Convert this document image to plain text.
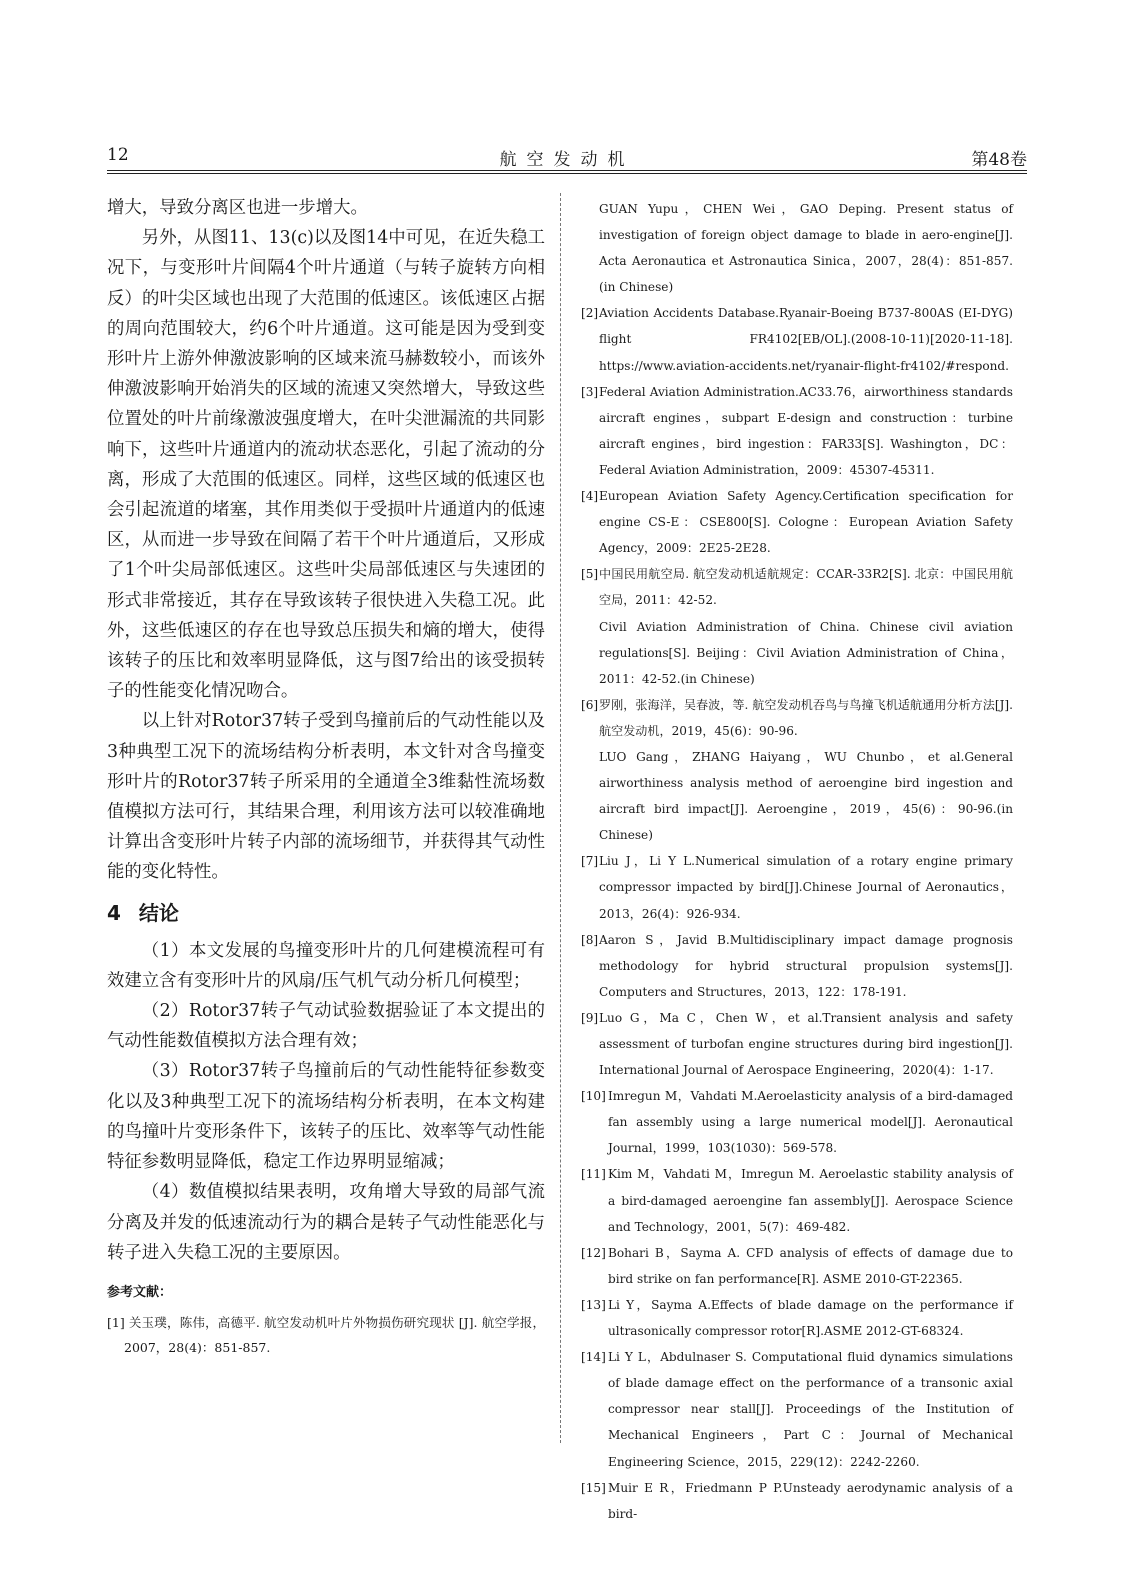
12	航空发动机	第48卷

增大，导致分离区也进一步增大。

另外，从图11、13(c)以及图14中可见，在近失稳工况下，与变形叶片间隔4个叶片通道（与转子旋转方向相反）的叶尖区域也出现了大范围的低速区。该低速区占据的周向范围较大，约6个叶片通道。这可能是因为受到变形叶片上游外伸激波影响的区域来流马赫数较小，而该外伸激波影响开始消失的区域的流速又突然增大，导致这些位置处的叶片前缘激波强度增大，在叶尖泄漏流的共同影响下，这些叶片通道内的流动状态恶化，引起了流动的分离，形成了大范围的低速区。同样，这些区域的低速区也会引起流道的堵塞，其作用类似于受损叶片通道内的低速区，从而进一步导致在间隔了若干个叶片通道后，又形成了1个叶尖局部低速区。这些叶尖局部低速区与失速团的形式非常接近，其存在导致该转子很快进入失稳工况。此外，这些低速区的存在也导致总压损失和熵的增大，使得该转子的压比和效率明显降低，这与图7给出的该受损转子的性能变化情况吻合。

以上针对Rotor37转子受到鸟撞前后的气动性能以及3种典型工况下的流场结构分析表明，本文针对含鸟撞变形叶片的Rotor37转子所采用的全通道全3维黏性流场数值模拟方法可行，其结果合理，利用该方法可以较准确地计算出含变形叶片转子内部的流场细节，并获得其气动性能的变化特性。

4 结论

（1）本文发展的鸟撞变形叶片的几何建模流程可有效建立含有变形叶片的风扇/压气机气动分析几何模型；

（2）Rotor37转子气动试验数据验证了本文提出的气动性能数值模拟方法合理有效；

（3）Rotor37转子鸟撞前后的气动性能特征参数变化以及3种典型工况下的流场结构分析表明，在本文构建的鸟撞叶片变形条件下，该转子的压比、效率等气动性能特征参数明显降低，稳定工作边界明显缩减；

（4）数值模拟结果表明，攻角增大导致的局部气流分离及并发的低速流动行为的耦合是转子气动性能恶化与转子进入失稳工况的主要原因。

参考文献：
[1] 关玉璞，陈伟，高德平. 航空发动机叶片外物损伤研究现状 [J]. 航空学报，2007，28(4)：851-857.
GUAN Yupu，CHEN Wei，GAO Deping. Present status of investigation of foreign object damage to blade in aero-engine[J]. Acta Aeronautica et Astronautica Sinica，2007，28(4)：851-857.(in Chinese)
[2] Aviation Accidents Database.Ryanair-Boeing B737-800AS (EI-DYG) flight FR4102[EB/OL].(2008-10-11)[2020-11-18]. https://www.aviation-accidents.net/ryanair-flight-fr4102/#respond.
[3] Federal Aviation Administration.AC33.76，airworthiness standards aircraft engines，subpart E-design and construction：turbine aircraft engines，bird ingestion：FAR33[S]. Washington，DC：Federal Aviation Administration，2009：45307-45311.
[4] European Aviation Safety Agency.Certification specification for engine CS-E：CSE800[S]. Cologne：European Aviation Safety Agency，2009：2E25-2E28.
[5] 中国民用航空局. 航空发动机适航规定：CCAR-33R2[S]. 北京：中国民用航空局，2011：42-52.
Civil Aviation Administration of China. Chinese civil aviation regulations[S]. Beijing：Civil Aviation Administration of China，2011：42-52.(in Chinese)
[6] 罗刚，张海洋，吴春波，等. 航空发动机吞鸟与鸟撞飞机适航通用分析方法[J]. 航空发动机，2019，45(6)：90-96.
LUO Gang，ZHANG Haiyang，WU Chunbo，et al.General airworthiness analysis method of aeroengine bird ingestion and aircraft bird impact[J]. Aeroengine，2019，45(6)：90-96.(in Chinese)
[7] Liu J，Li Y L.Numerical simulation of a rotary engine primary compressor impacted by bird[J].Chinese Journal of Aeronautics，2013，26(4)：926-934.
[8] Aaron S，Javid B.Multidisciplinary impact damage prognosis methodology for hybrid structural propulsion systems[J]. Computers and Structures，2013，122：178-191.
[9] Luo G，Ma C，Chen W，et al.Transient analysis and safety assessment of turbofan engine structures during bird ingestion[J]. International Journal of Aerospace Engineering，2020(4)：1-17.
[10] Imregun M，Vahdati M.Aeroelasticity analysis of a bird-damaged fan assembly using a large numerical model[J]. Aeronautical Journal，1999，103(1030)：569-578.
[11] Kim M，Vahdati M，Imregun M. Aeroelastic stability analysis of a bird-damaged aeroengine fan assembly[J]. Aerospace Science and Technology，2001，5(7)：469-482.
[12] Bohari B，Sayma A. CFD analysis of effects of damage due to bird strike on fan performance[R]. ASME 2010-GT-22365.
[13] Li Y，Sayma A.Effects of blade damage on the performance if ultrasonically compressor rotor[R].ASME 2012-GT-68324.
[14] Li Y L，Abdulnaser S. Computational fluid dynamics simulations of blade damage effect on the performance of a transonic axial compressor near stall[J]. Proceedings of the Institution of Mechanical Engineers，Part C：Journal of Mechanical Engineering Science，2015，229(12)：2242-2260.
[15] Muir E R，Friedmann P P.Unsteady aerodynamic analysis of a bird-
